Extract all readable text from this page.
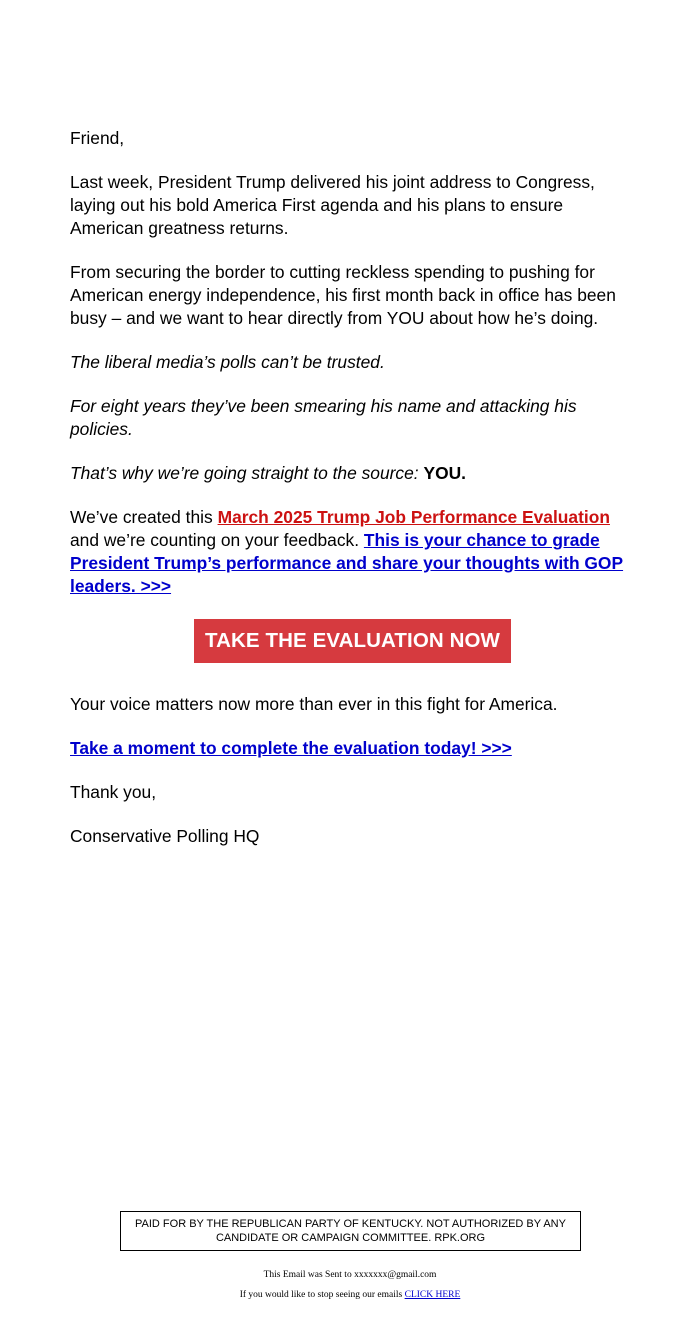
Friend,

Last week, President Trump delivered his joint address to Congress, laying out his bold America First agenda and his plans to ensure American greatness returns.

From securing the border to cutting reckless spending to pushing for American energy independence, his first month back in office has been busy – and we want to hear directly from YOU about how he’s doing.

The liberal media’s polls can’t be trusted.

For eight years they’ve been smearing his name and attacking his policies.

That’s why we’re going straight to the source: YOU.

We’ve created this March 2025 Trump Job Performance Evaluation and we’re counting on your feedback. This is your chance to grade President Trump’s performance and share your thoughts with GOP leaders. >>>

TAKE THE EVALUATION NOW

Your voice matters now more than ever in this fight for America.

Take a moment to complete the evaluation today! >>>

Thank you,

Conservative Polling HQ

PAID FOR BY THE REPUBLICAN PARTY OF KENTUCKY. NOT AUTHORIZED BY ANY CANDIDATE OR CAMPAIGN COMMITTEE. RPK.ORG
This Email was Sent to xxxxxxx@gmail.com
If you would like to stop seeing our emails CLICK HERE
